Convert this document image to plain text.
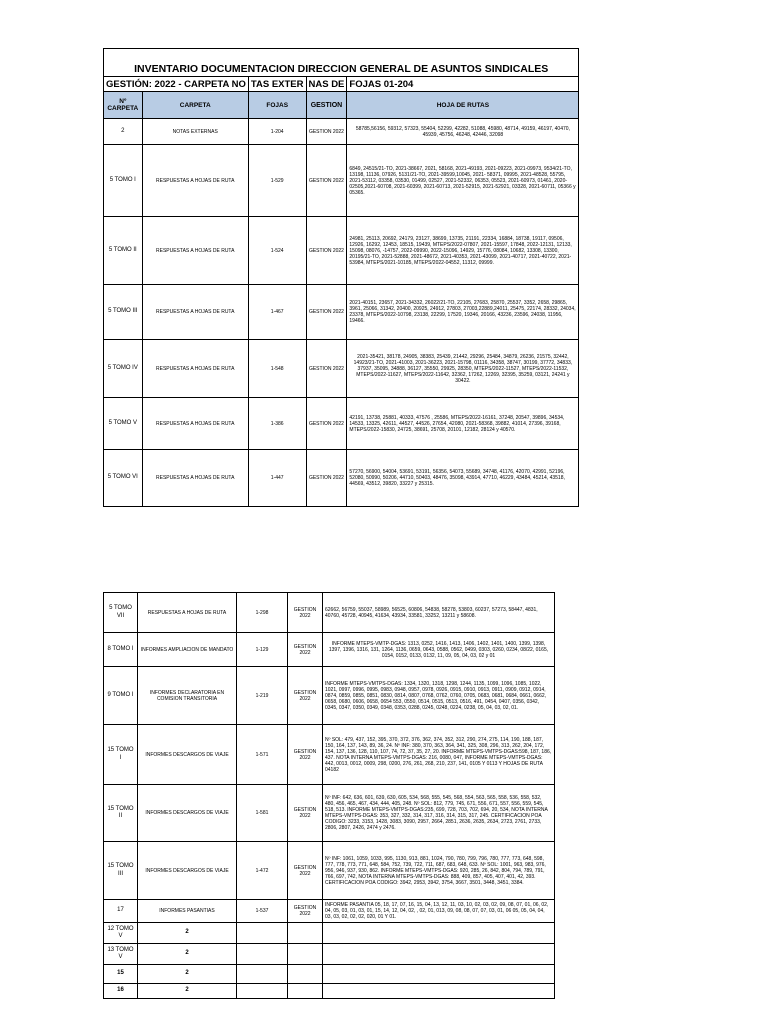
INVENTARIO DOCUMENTACION DIRECCION GENERAL DE ASUNTOS SINDICALES				
GESTIÓN: 2022 - CARPETA NO		TAS EXTER	NAS DE	FOJAS 01-204
Nº CARPETA	CARPETA	FOJAS	GESTION	HOJA DE RUTAS
2	NOTAS EXTERNAS	1-204	GESTION 2022	58785,56156, 59312, 57323, 55404, 52299, 42282, 51088, 45980, 48714, 49159, 46197, 40470, 45939, 45756, 46248, 42446, 32098
5 TOMO I	RESPUESTAS A HOJAS DE RUTA	1-529	GESTION 2022	6849, 24515/21-TO, 2021-38667, 2021, 58168, 2021-49193, 2021-09223, 2021-09973, 9534/21-TO, 13198, 11136, 07926, 5131/21-TO, 2021-39599,10045, 2021- 58371, 09995, 2021-48528, 55795, 2021-53112, 03358, 03530, 01499, 02527, 2021-52332, 06353, 05523, 2021-60973, 01461, 2020-02505,2021-60708, 2021-60399, 2021-60713, 2021-52915, 2021-52921, 03328, 2021-60711, 05366 y 05365.
5 TOMO II	RESPUESTAS A HOJAS DE RUTA	1-524	GESTION 2022	24981, 25113, 20692, 24179, 23127, 38699, 13735, 21191, 22334, 16884, 18738, 19117, 09506, 12926, 16292, 12453, 18515, 19439, MTEPS/2022-07807, 2021-15597, 17848, 2022-12131, 12133, 15098, 08076, -14757, 2022-09990, 2022-15096, 14929, 15776, 08084, 10682, 13308, 13300, 20195/21-TO, 2021-52888, 2021-48672, 2021-40353, 2021-43099, 2021-40717, 2021-40722, 2021-53984, MTEPS/2021-10185, MTEPS/2022-04552, 11312, 09999.
5 TOMO III	RESPUESTAS A HOJAS DE RUTA	1-467	GESTION 2022	2021-40151, 23657, 2021-34332, 26022/21-TO, 22105, 27683, 25870, 25537, 3352, 2658, 29865, 3961, 25066, 31342, 20400, 20925, 24912, 27803, 27003,22889,24011, 25475, 22174, 28332, 24034, 23378, MTEPS/2022-10798, 23138, 22299, 17520, 19346, 20166, 43236, 23596, 24038, 11956, 19466.
5 TOMO IV	RESPUESTAS A HOJAS DE RUTA	1-548	GESTION 2022	2021-35421, 38178, 24905, 38383, 25439, 21442, 29296, 25484, 34879, 26236, 21575, 32442, 14923/21-TO, 2021-41003, 2021-36223, 2021-15798, 01116, 34358, 38747, 30199, 37772, 34833, 37937, 35095, 34888, 36127, 35550, 29925, 28350, MTEPS/2022-11527, MTEPS/2022-11532, MTEPS/2022-11627, MTEPS/2022-11642, 32362, 17262, 12269, 32395, 35259, 03121, 24241 y 30422.
5 TOMO V	RESPUESTAS A HOJAS DE RUTA	1-386	GESTION 2022	42191, 13738, 25881, 40333, 47576 , 25586, MTEPS/2022-16161, 37248, 20547, 39896, 34534, 14533, 13325, 42611, 44527, 44526, 27654, 42080, 2021-58368, 39882, 41014, 27396, 39168, MTEPS/2022-15830, 24725, 38691, 25708, 20101, 12182, 28124 y 40570.
5 TOMO VI	RESPUESTAS A HOJAS DE RUTA	1-447	GESTION 2022	57270, 56900, 54004, 53691, 53191, 56356, 54073, 55689, 34748, 41176, 42070, 42991, 52196, 52080, 50990, 50206, 44710, 50403, 48476, 35098, 43914, 47710, 46229, 43484, 45214, 43518, 44569, 43512, 39820, 33227 y 25315.
5 TOMO VII	RESPUESTAS A HOJAS DE RUTA	1-298	GESTION 2022	62662, 56759, 55037, 58989, 56525, 60806, 54838, 58278, 53803, 60237, 57273, 58447, 4831, 40760, 45728, 40945, 41634, 43934, 33581, 33252, 13211 y 58608.
8 TOMO I	INFORMES AMPLIACION DE MANDATO	1-129	GESTION 2022	INFORME MTEPS-VMTP-DGAS: 1313, 0252, 1416, 1413, 1406, 1402, 1401, 1400, 1399, 1398, 1397, 1396, 1316, 131, 1264, 1136, 0659, 0643, 0588, 0562, 0499, 0303, 0260, 0234, 08/22, 0165, 0154, 0152, 0133, 0132, 11, 09, 05, 04, 03, 02 y 01
9 TOMO I	INFORMES DECLARATORIA EN COMISION TRANSITORIA	1-219	GESTION 2022	INFORME MTEPS-VMTPS-DGAS: 1334, 1320, 1318, 1298, 1244, 1135, 1099, 1096, 1085, 1022, 1021, 0997, 0996, 0995, 0983, 0948, 0957, 0978, 0926, 0915, 0910, 0913, 0911, 0909, 0912, 0914, 0874, 0859, 0855, 0851, 0830, 0814, 0807, 0768, 0762, 0760, 0705, 0683, 0681, 0684, 0661, 0662, 0658, 0680, 0606, 0658, 0654 553, 0550, 0514, 0515, 0513, 0516, 491, 0454, 0407, 0356, 0342, 0345, 0347, 0350, 0349, 0348, 0353, 0288, 0245, 0248, 0224, 0238, 05, 04, 03, 02, 01.
15 TOMO I	INFORMES DESCARGOS DE VIAJE	1-571	GESTION 2022	Nº SOL: 479, 437, 152, 395, 370, 372, 376, 362, 374, 352, 312, 290, 274, 275, 114, 190, 188, 187, 150, 164, 137, 143, 89, 36, 24. Nº INF: 380, 370, 363, 364, 341, 325, 308, 296, 313, 262, 204, 172, 154, 137, 136, 128, 110, 107, 74, 72, 37, 35, 27, 20. INFORME MTEPS-VMTPS-DGAS:598, 187, 186, 437. NOTA INTERNA MTEPS-VMTPS-DGAS: 216, 0080, 047, INFORME MTEPS-VMTPS-DGAS: 442, 0013, 0012, 0009, 298, 0200, 276, 261, 268, 210, 237, 141, 0105 Y 0113 Y HOJAS DE RUTA 04182
15 TOMO II	INFORMES DESCARGOS DE VIAJE	1-581	GESTION 2022	Nº INF: 642, 636, 601, 639, 630, 605, 534, 568, 555, 545, 568, 554, 563, 565, 558, 536, 558, 532, 480, 456, 465, 467, 434, 444, 405, 248. Nº SOL: 812, 779, 745, 671, 556, 671, 557, 556, 559, 545, 518, 513. INFORME MTEPS-VMTPS-DGAS:235, 699, 728, 703, 702, 694, 20, 534, NOTA INTERNA MTEPS-VMTPS-DGAS: 353, 327, 332, 314, 317, 316, 314, 315, 317, 245. CERTIFICACION POA CODIGO: 3233, 3153, 1428, 3083, 3090, 2957, 2664, 2851, 2636, 2635, 2634, 2723, 2761, 2733, 2806, 2807, 2426, 2474 y 2476.
15 TOMO III	INFORMES DESCARGOS DE VIAJE	1-472	GESTION 2022	Nº INF: 1061, 1059, 1033, 995, 1130, 913, 881, 1024, 790, 780, 799, 796, 780, 777, 773, 648, 598, 777, 778, 773, 771, 648, 584, 752, 739, 722, 711, 687, 683, 648, 633. Nº SOL: 1001, 963, 983, 976, 956, 946, 937, 930, 862. INFORME MTEPS-VMTPS-DGAS: 920, 285, 26, 842, 804, 794, 789, 791, 766, 697, 742, NOTA INTERNA MTEPS-VMTPS-DGAS: 888, 409, 857, 405, 407, 401, 42, 393. CERTIFICACION POA CODIGO: 3942, 2953, 3942, 3754, 3667, 3501, 3448, 3451, 3384.
17	INFORMES PASANTIAS	1-537	GESTION 2022	INFORME PASANTIA 05, 18, 17, 07, 16, 15, 04, 13, 12, 11, 03, 10, 02, 03, 02, 09, 08, 07, 01, 06, 02, 04, 05, 03, 01, 03, 01, 15, 14, 12, 04, 02, , 02, 01, 013, 09, 08, 08, 07, 07, 03, 01, 06 05, 05, 04, 04, 03, 03, 02, 02, 02, 020, 01 Y 01.
12 TOMO V	2			
13 TOMO V	2			
15	2			
16	2			
